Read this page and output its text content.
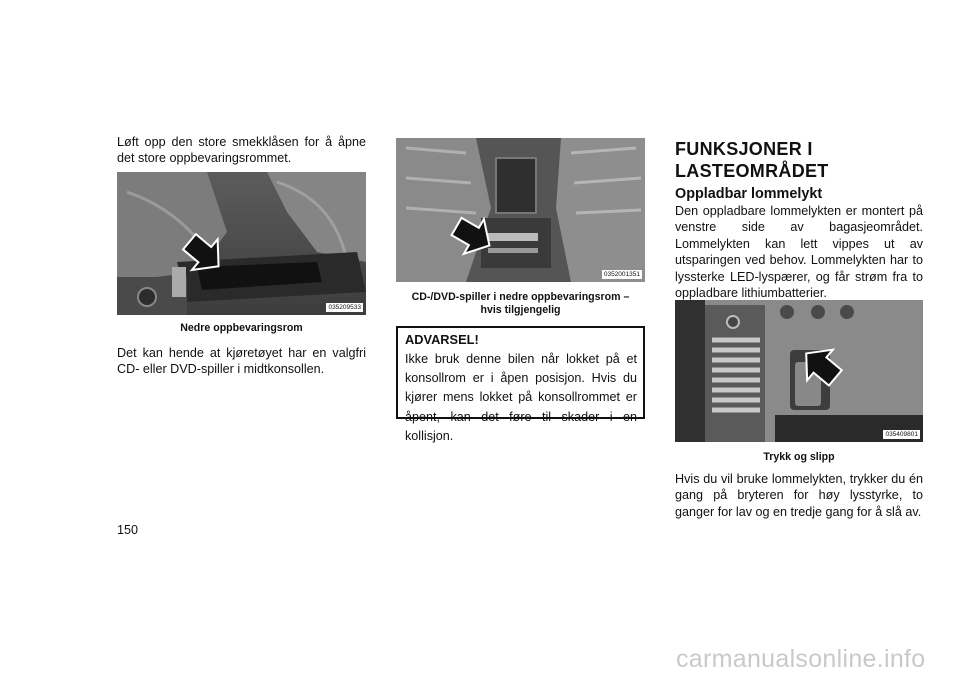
Løft opp den store smekklåsen for å åpne det store oppbevaringsrommet.

035209533
Nedre oppbevaringsrom

Det kan hende at kjøretøyet har en valgfri CD- eller DVD-spiller i midtkonsollen.

0352001351
CD-/DVD-spiller i nedre oppbevaringsrom –
hvis tilgjengelig

ADVARSEL!

Ikke bruk denne bilen når lokket på et konsollrom er i åpen posisjon. Hvis du kjører mens lokket på konsollrommet er åpent, kan det føre til skader i en kollisjon.

FUNKSJONER I
LASTEOMRÅDET
Oppladbar lommelykt

Den oppladbare lommelykten er montert på venstre side av bagasjeområdet. Lommelykten kan lett vippes ut av utsparingen ved behov. Lommelykten har to lyssterke LED-lyspærer, og får strøm fra to oppladbare lithiumbatterier.

035409801
Trykk og slipp

Hvis du vil bruke lommelykten, trykker du én gang på bryteren for høy lysstyrke, to ganger for lav og en tredje gang for å slå av.

150
carmanualsonline.info
